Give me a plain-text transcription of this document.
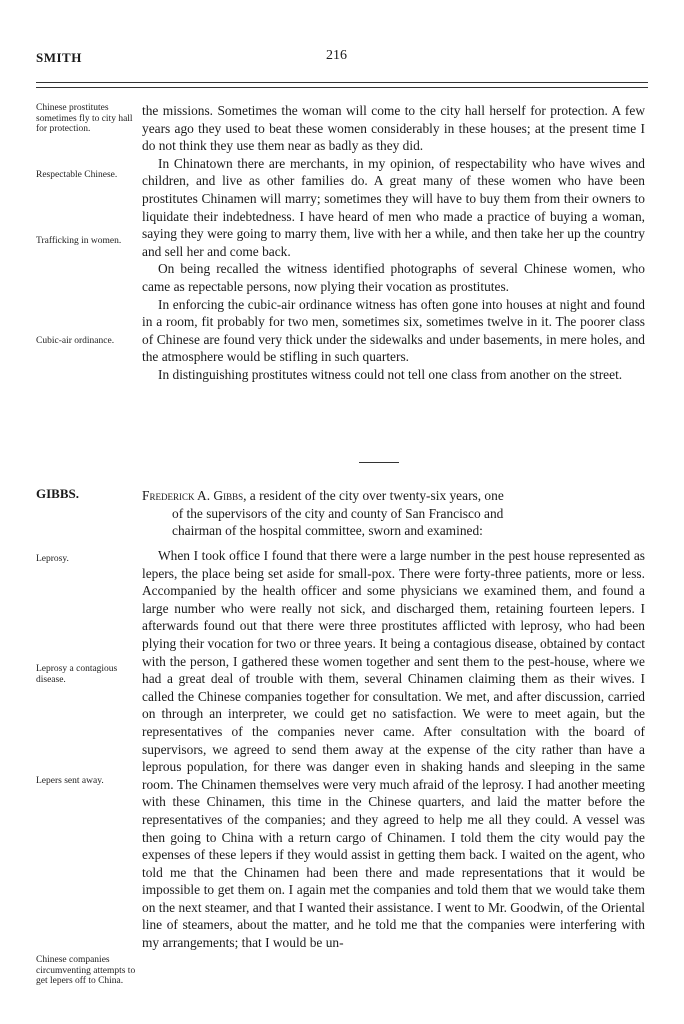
SMITH	216
Chinese prostitutes sometimes fly to city hall for protection.
Respectable Chinese.
Trafficking in women.
Cubic-air ordinance.
Leprosy.
Leprosy a contagious disease.
Lepers sent away.
Chinese companies circumventing attempts to get lepers off to China.

the missions. Sometimes the woman will come to the city hall herself for protection. A few years ago they used to beat these women considerably in these houses; at the present time I do not think they use them near as badly as they did.

In Chinatown there are merchants, in my opinion, of respectability who have wives and children, and live as other families do. A great many of these women who have been prostitutes Chinamen will marry; sometimes they will have to buy them from their owners to liquidate their indebtedness. I have heard of men who made a practice of buying a woman, saying they were going to marry them, live with her a while, and then take her up the country and sell her and come back.

On being recalled the witness identified photographs of several Chinese women, who came as repectable persons, now plying their vocation as prostitutes.

In enforcing the cubic-air ordinance witness has often gone into houses at night and found in a room, fit probably for two men, sometimes six, sometimes twelve in it. The poorer class of Chinese are found very thick under the sidewalks and under basements, in mere holes, and the atmosphere would be stifling in such quarters.

In distinguishing prostitutes witness could not tell one class from another on the street.

GIBBS.	Frederick A. Gibbs, a resident of the city over twenty-six years, one
of the supervisors of the city and county of San Francisco and
chairman of the hospital committee, sworn and examined:

When I took office I found that there were a large number in the pest house represented as lepers, the place being set aside for small-pox. There were forty-three patients, more or less. Accompanied by the health officer and some physicians we examined them, and found a large number who were really not sick, and discharged them, retaining fourteen lepers. I afterwards found out that there were three prostitutes afflicted with leprosy, who had been plying their vocation for two or three years. It being a contagious disease, obtained by contact with the person, I gathered these women together and sent them to the pest-house, where we had a great deal of trouble with them, several Chinamen claiming them as their wives. I called the Chinese companies together for consultation. We met, and after discussion, carried on through an interpreter, we could get no satisfaction. We were to meet again, but the representatives of the companies never came. After consultation with the board of supervisors, we agreed to send them away at the expense of the city rather than have a leprous population, for there was danger even in shaking hands and sleeping in the same room. The Chinamen themselves were very much afraid of the leprosy. I had another meeting with these Chinamen, this time in the Chinese quarters, and laid the matter before the representatives of the companies; and they agreed to help me all they could. A vessel was then going to China with a return cargo of Chinamen. I told them the city would pay the expenses of these lepers if they would assist in getting them back. I waited on the agent, who told me that the Chinamen had been there and made representations that it would be impossible to get them on. I again met the companies and told them that we would take them on the next steamer, and that I wanted their assistance. I went to Mr. Goodwin, of the Oriental line of steamers, about the matter, and he told me that the companies were interfering with my arrangements; that I would be un-
